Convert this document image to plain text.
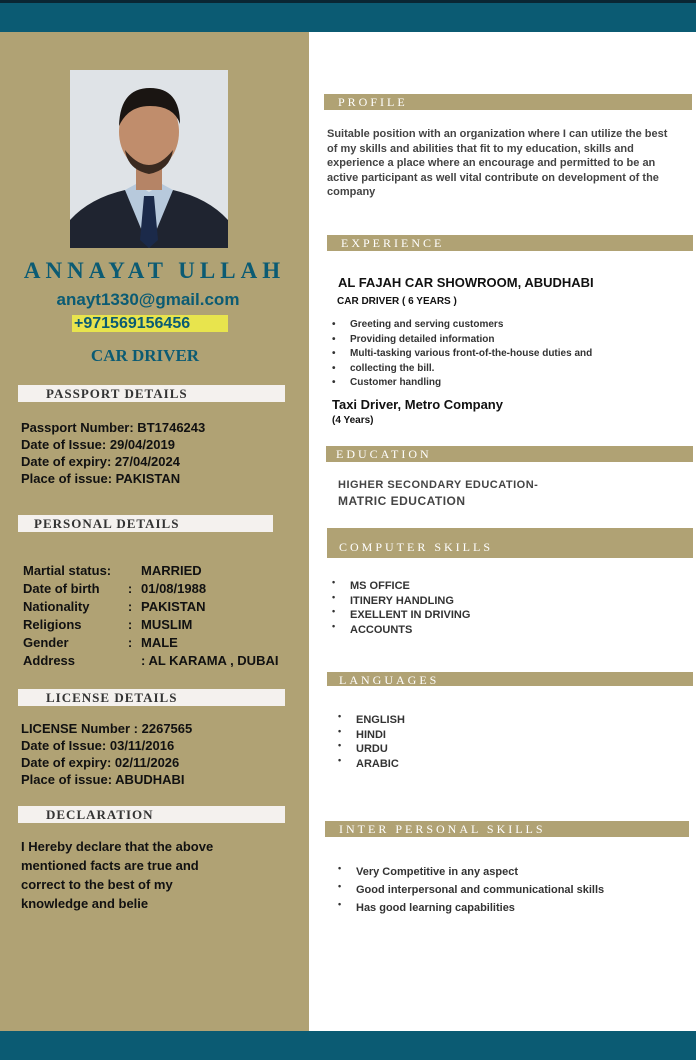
ANNAYAT ULLAH
anayt1330@gmail.com
+971569156456
CAR DRIVER
PASSPORT DETAILS
Passport Number: BT1746243
Date of Issue: 29/04/2019
Date of expiry: 27/04/2024
Place of issue: PAKISTAN
PERSONAL DETAILS
Martial status: MARRIED
Date of birth : 01/08/1988
Nationality	: PAKISTAN
Religions	: MUSLIM
Gender	: MALE
Address	: AL KARAMA , DUBAI
LICENSE DETAILS
LICENSE Number : 2267565
Date of Issue: 03/11/2016
Date of expiry: 02/11/2026
Place of issue: ABUDHABI
DECLARATION
I Hereby declare that the above
mentioned facts are true and
correct to the best of my
knowledge and belie
PROFILE
Suitable position with an organization where I can utilize the best
of my skills and abilities that fit to my education, skills and
experience a place where an encourage and permitted to be an
active participant as well vital contribute on development of the
company
EXPERIENCE
AL FAJAH CAR SHOWROOM, ABUDHABI
CAR DRIVER ( 6 YEARS )
• Greeting and serving customers
• Providing detailed information
• Multi-tasking various front-of-the-house duties and
• collecting the bill.
• Customer handling
Taxi Driver, Metro Company
(4 Years)
EDUCATION
HIGHER SECONDARY EDUCATION-
MATRIC EDUCATION
COMPUTER SKILLS
• MS OFFICE
• ITINERY HANDLING
• EXELLENT IN DRIVING
• ACCOUNTS
LANGUAGES
• ENGLISH
• HINDI
• URDU
• ARABIC
INTER PERSONAL SKILLS
• Very Competitive in any aspect
• Good interpersonal and communicational skills
• Has good learning capabilities
